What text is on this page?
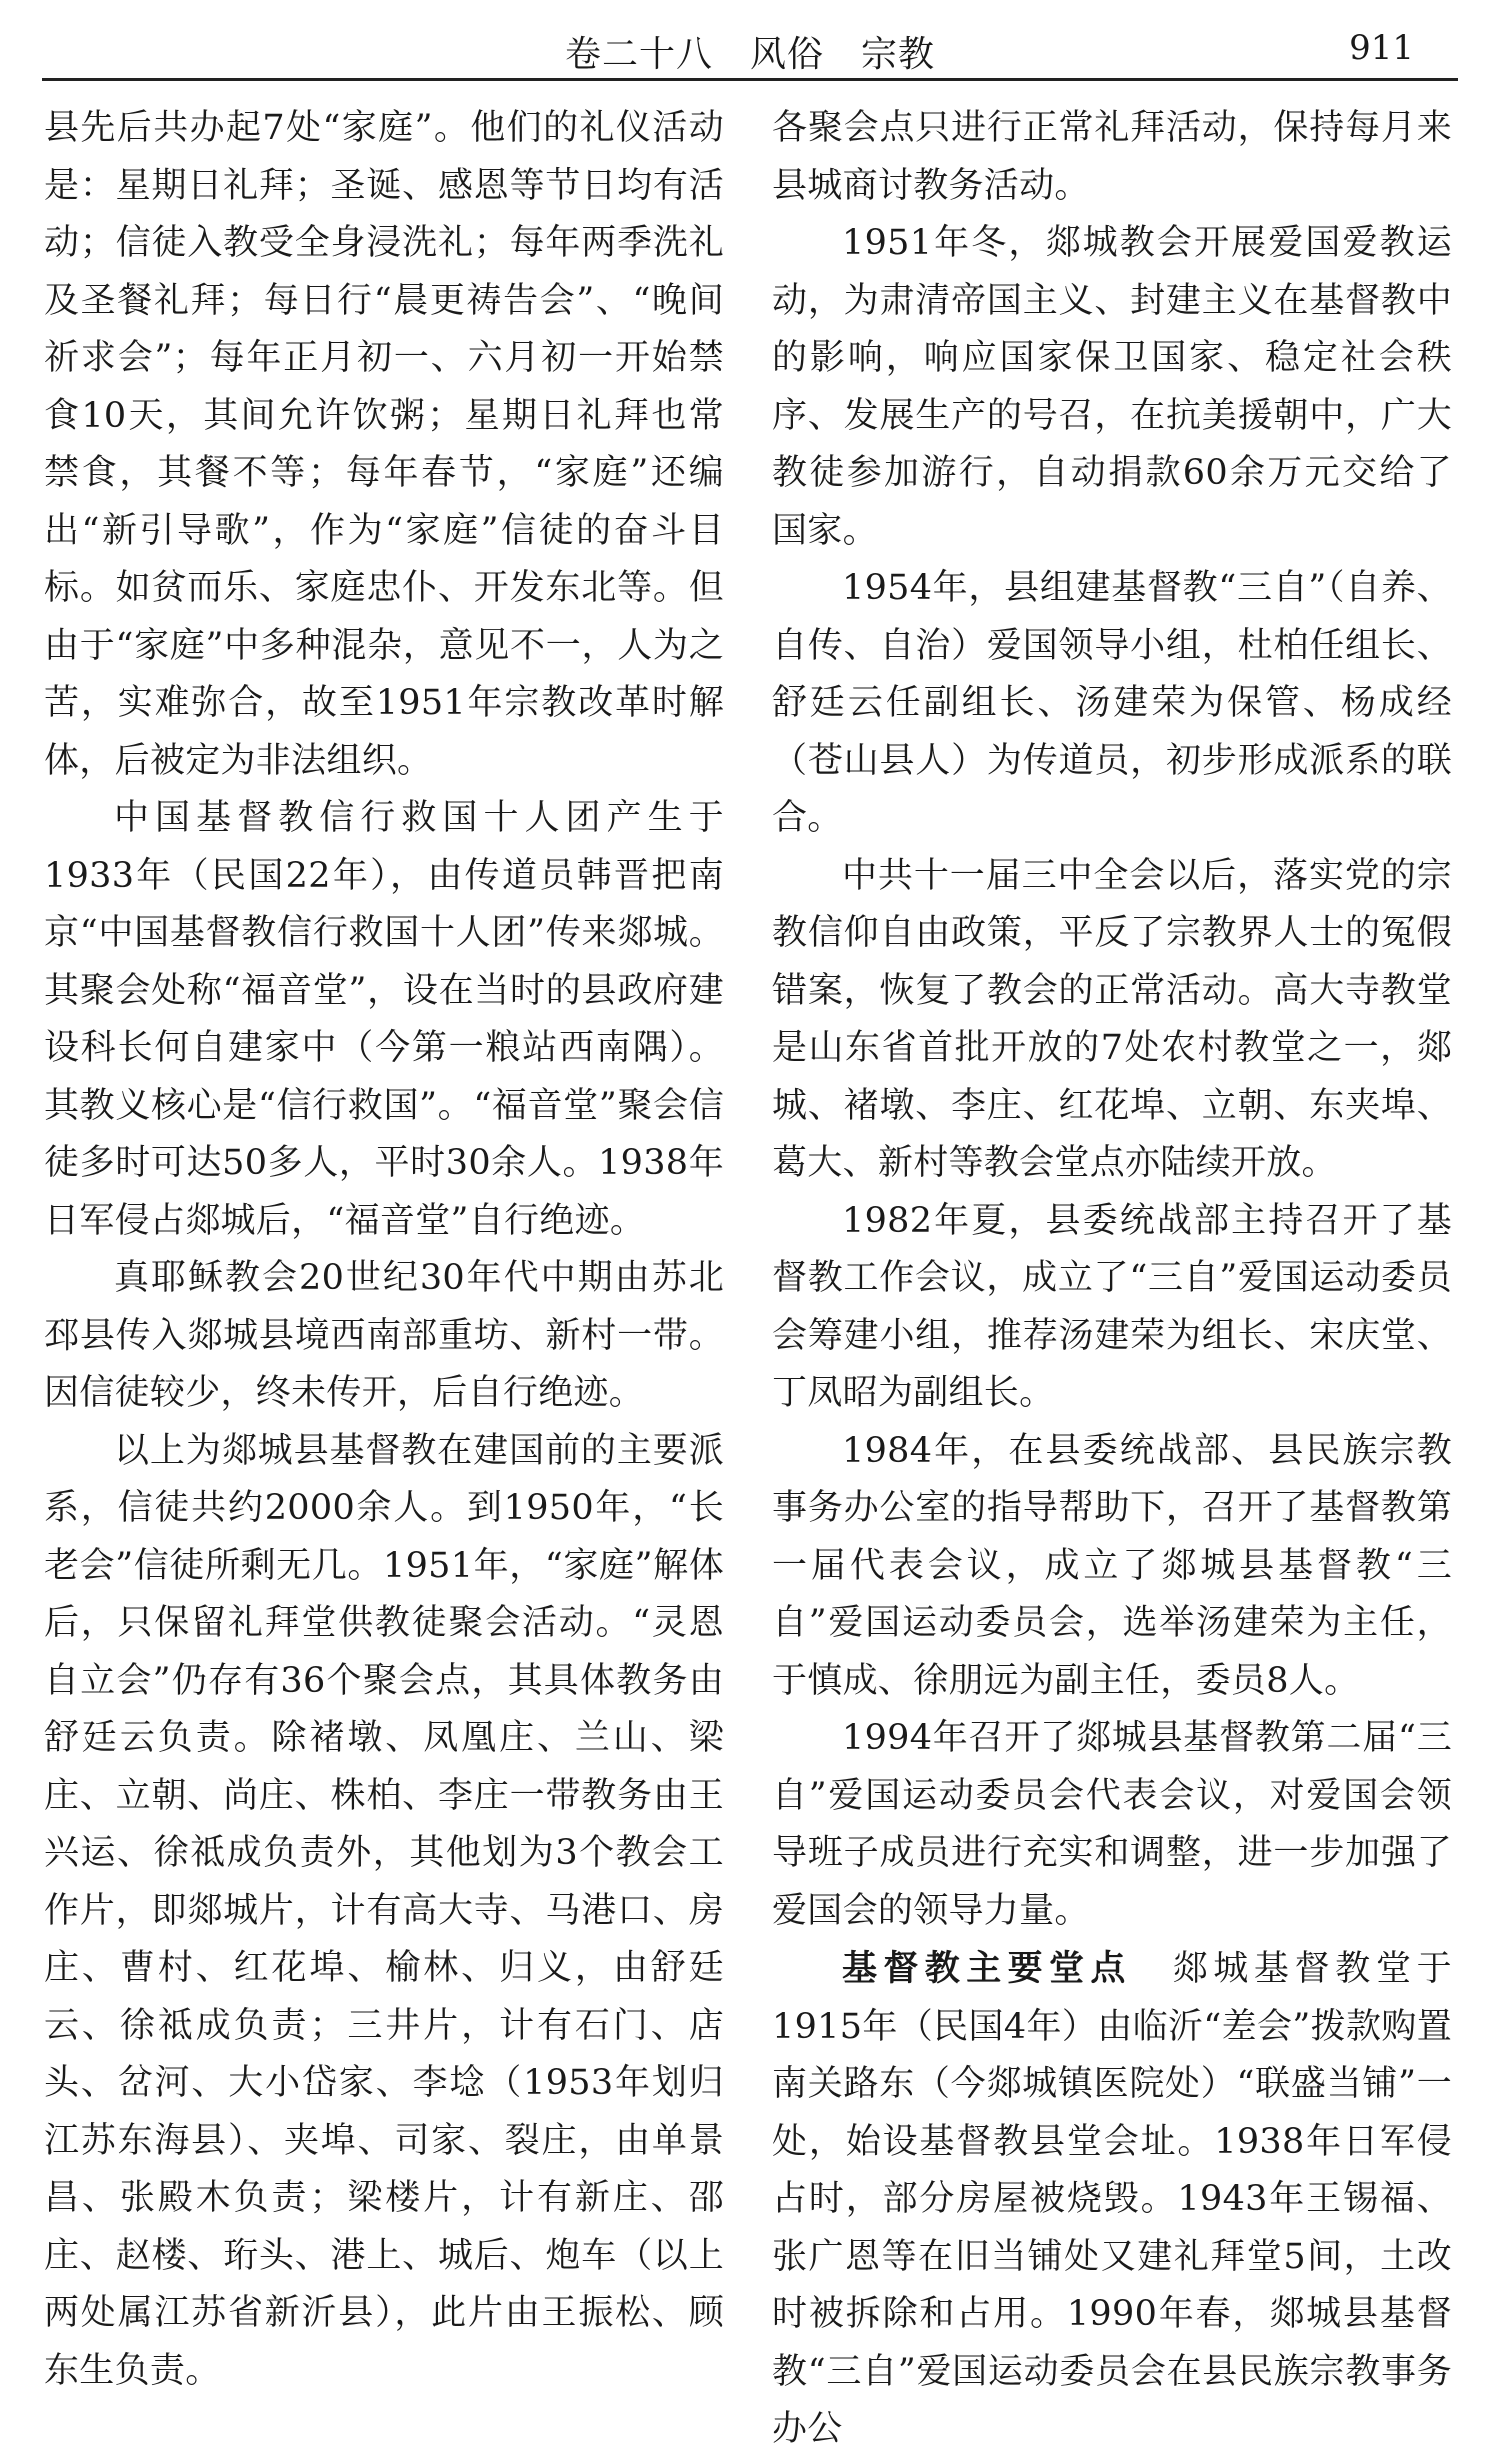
卷二十八　风俗　宗教	911

县先后共办起7处“家庭”。他们的礼仪活动是：星期日礼拜；圣诞、感恩等节日均有活动；信徒入教受全身浸洗礼；每年两季洗礼及圣餐礼拜；每日行“晨更祷告会”、“晚间祈求会”；每年正月初一、六月初一开始禁食10天，其间允许饮粥；星期日礼拜也常禁食，其餐不等；每年春节，“家庭”还编出“新引导歌”，作为“家庭”信徒的奋斗目标。如贫而乐、家庭忠仆、开发东北等。但由于“家庭”中多种混杂，意见不一，人为之苦，实难弥合，故至1951年宗教改革时解体，后被定为非法组织。

中国基督教信行救国十人团产生于1933年（民国22年），由传道员韩晋把南京“中国基督教信行救国十人团”传来郯城。其聚会处称“福音堂”，设在当时的县政府建设科长何自建家中（今第一粮站西南隅）。其教义核心是“信行救国”。“福音堂”聚会信徒多时可达50多人，平时30余人。1938年日军侵占郯城后，“福音堂”自行绝迹。

真耶稣教会20世纪30年代中期由苏北邳县传入郯城县境西南部重坊、新村一带。因信徒较少，终未传开，后自行绝迹。

以上为郯城县基督教在建国前的主要派系，信徒共约2000余人。到1950年，“长老会”信徒所剩无几。1951年，“家庭”解体后，只保留礼拜堂供教徒聚会活动。“灵恩自立会”仍存有36个聚会点，其具体教务由舒廷云负责。除褚墩、凤凰庄、兰山、梁庄、立朝、尚庄、株柏、李庄一带教务由王兴运、徐祗成负责外，其他划为3个教会工作片，即郯城片，计有高大寺、马港口、房庄、曹村、红花埠、榆林、归义，由舒廷云、徐祗成负责；三井片，计有石门、店头、岔河、大小岱家、李埝（1953年划归江苏东海县）、夹埠、司家、裂庄，由单景昌、张殿木负责；梁楼片，计有新庄、邵庄、赵楼、珩头、港上、城后、炮车（以上两处属江苏省新沂县），此片由王振松、顾东生负责。

各聚会点只进行正常礼拜活动，保持每月来县城商讨教务活动。

1951年冬，郯城教会开展爱国爱教运动，为肃清帝国主义、封建主义在基督教中的影响，响应国家保卫国家、稳定社会秩序、发展生产的号召，在抗美援朝中，广大教徒参加游行，自动捐款60余万元交给了国家。

1954年，县组建基督教“三自”（自养、自传、自治）爱国领导小组，杜柏任组长、舒廷云任副组长、汤建荣为保管、杨成经（苍山县人）为传道员，初步形成派系的联合。

中共十一届三中全会以后，落实党的宗教信仰自由政策，平反了宗教界人士的冤假错案，恢复了教会的正常活动。高大寺教堂是山东省首批开放的7处农村教堂之一，郯城、褚墩、李庄、红花埠、立朝、东夹埠、葛大、新村等教会堂点亦陆续开放。

1982年夏，县委统战部主持召开了基督教工作会议，成立了“三自”爱国运动委员会筹建小组，推荐汤建荣为组长、宋庆堂、丁凤昭为副组长。

1984年，在县委统战部、县民族宗教事务办公室的指导帮助下，召开了基督教第一届代表会议，成立了郯城县基督教“三自”爱国运动委员会，选举汤建荣为主任，于慎成、徐朋远为副主任，委员8人。

1994年召开了郯城县基督教第二届“三自”爱国运动委员会代表会议，对爱国会领导班子成员进行充实和调整，进一步加强了爱国会的领导力量。

基督教主要堂点　郯城基督教堂于1915年（民国4年）由临沂“差会”拨款购置南关路东（今郯城镇医院处）“联盛当铺”一处，始设基督教县堂会址。1938年日军侵占时，部分房屋被烧毁。1943年王锡福、张广恩等在旧当铺处又建礼拜堂5间，土改时被拆除和占用。1990年春，郯城县基督教“三自”爱国运动委员会在县民族宗教事务办公
